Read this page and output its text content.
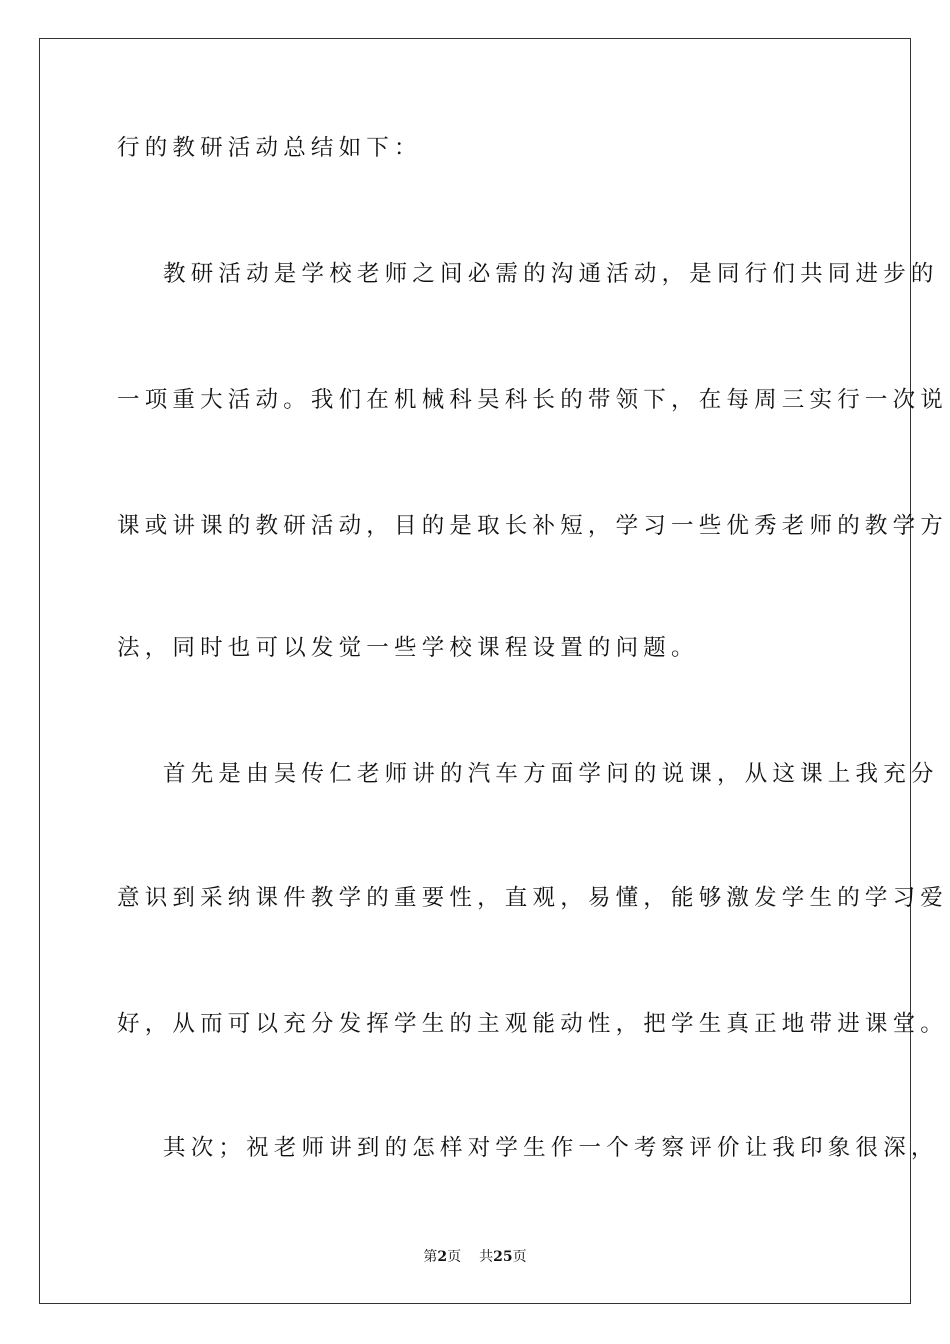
行的教研活动总结如下：
教研活动是学校老师之间必需的沟通活动，是同行们共同进步的
一项重大活动。我们在机械科吴科长的带领下，在每周三实行一次说
课或讲课的教研活动，目的是取长补短，学习一些优秀老师的教学方
法，同时也可以发觉一些学校课程设置的问题。
首先是由吴传仁老师讲的汽车方面学问的说课，从这课上我充分
意识到采纳课件教学的重要性，直观，易懂，能够激发学生的学习爱
好，从而可以充分发挥学生的主观能动性，把学生真正地带进课堂。
其次；祝老师讲到的怎样对学生作一个考察评价让我印象很深，
第2页 共25页
